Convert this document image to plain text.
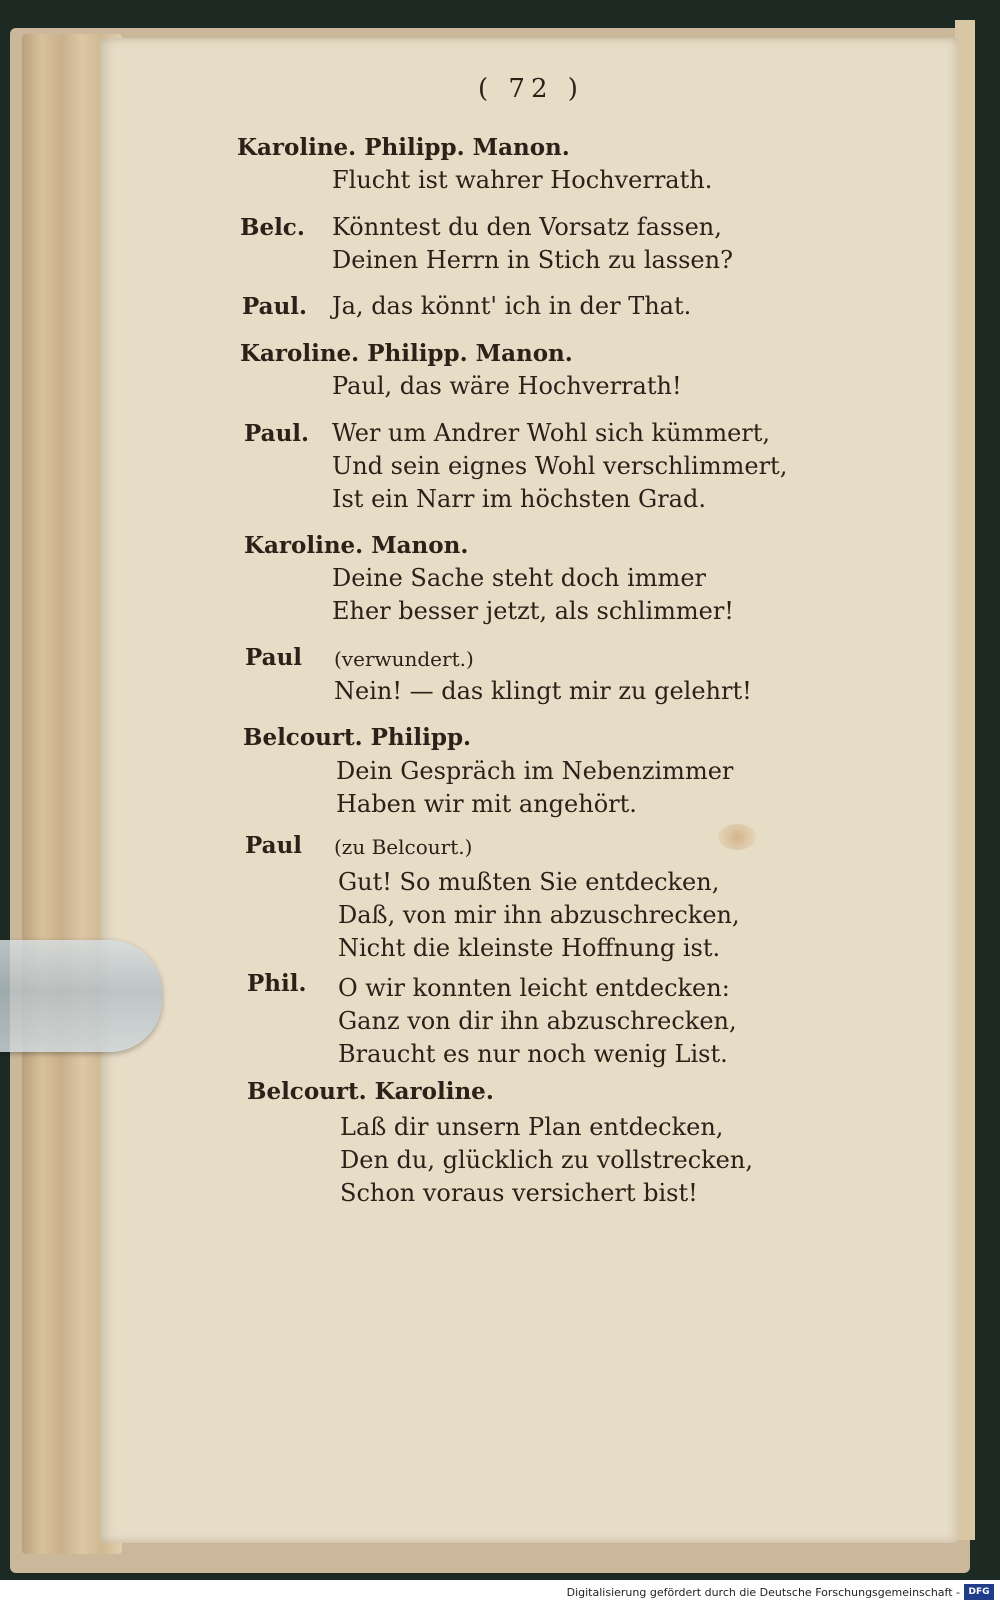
( 72 )
Karoline. Philipp. Manon.
Flucht ist wahrer Hochverrath.
Belc. Könntest du den Vorsatz fassen,
Deinen Herrn in Stich zu lassen?
Paul. Ja, das könnt' ich in der That.
Karoline. Philipp. Manon.
Paul, das wäre Hochverrath!
Paul. Wer um Andrer Wohl sich kümmert,
Und sein eignes Wohl verschlimmert,
Ist ein Narr im höchsten Grad.
Karoline. Manon.
Deine Sache steht doch immer
Eher besser jetzt, als schlimmer!
Paul (verwundert.)
Nein! — das klingt mir zu gelehrt!
Belcourt. Philipp.
Dein Gespräch im Nebenzimmer
Haben wir mit angehört.
Paul (zu Belcourt.)
Gut! So mußten Sie entdecken,
Daß, von mir ihn abzuschrecken,
Nicht die kleinste Hoffnung ist.
Phil. O wir konnten leicht entdecken:
Ganz von dir ihn abzuschrecken,
Braucht es nur noch wenig List.
Belcourt. Karoline.
Laß dir unsern Plan entdecken,
Den du, glücklich zu vollstrecken,
Schon voraus versichert bist!
Digitalisierung gefördert durch die Deutsche Forschungsgemeinschaft - DFG
